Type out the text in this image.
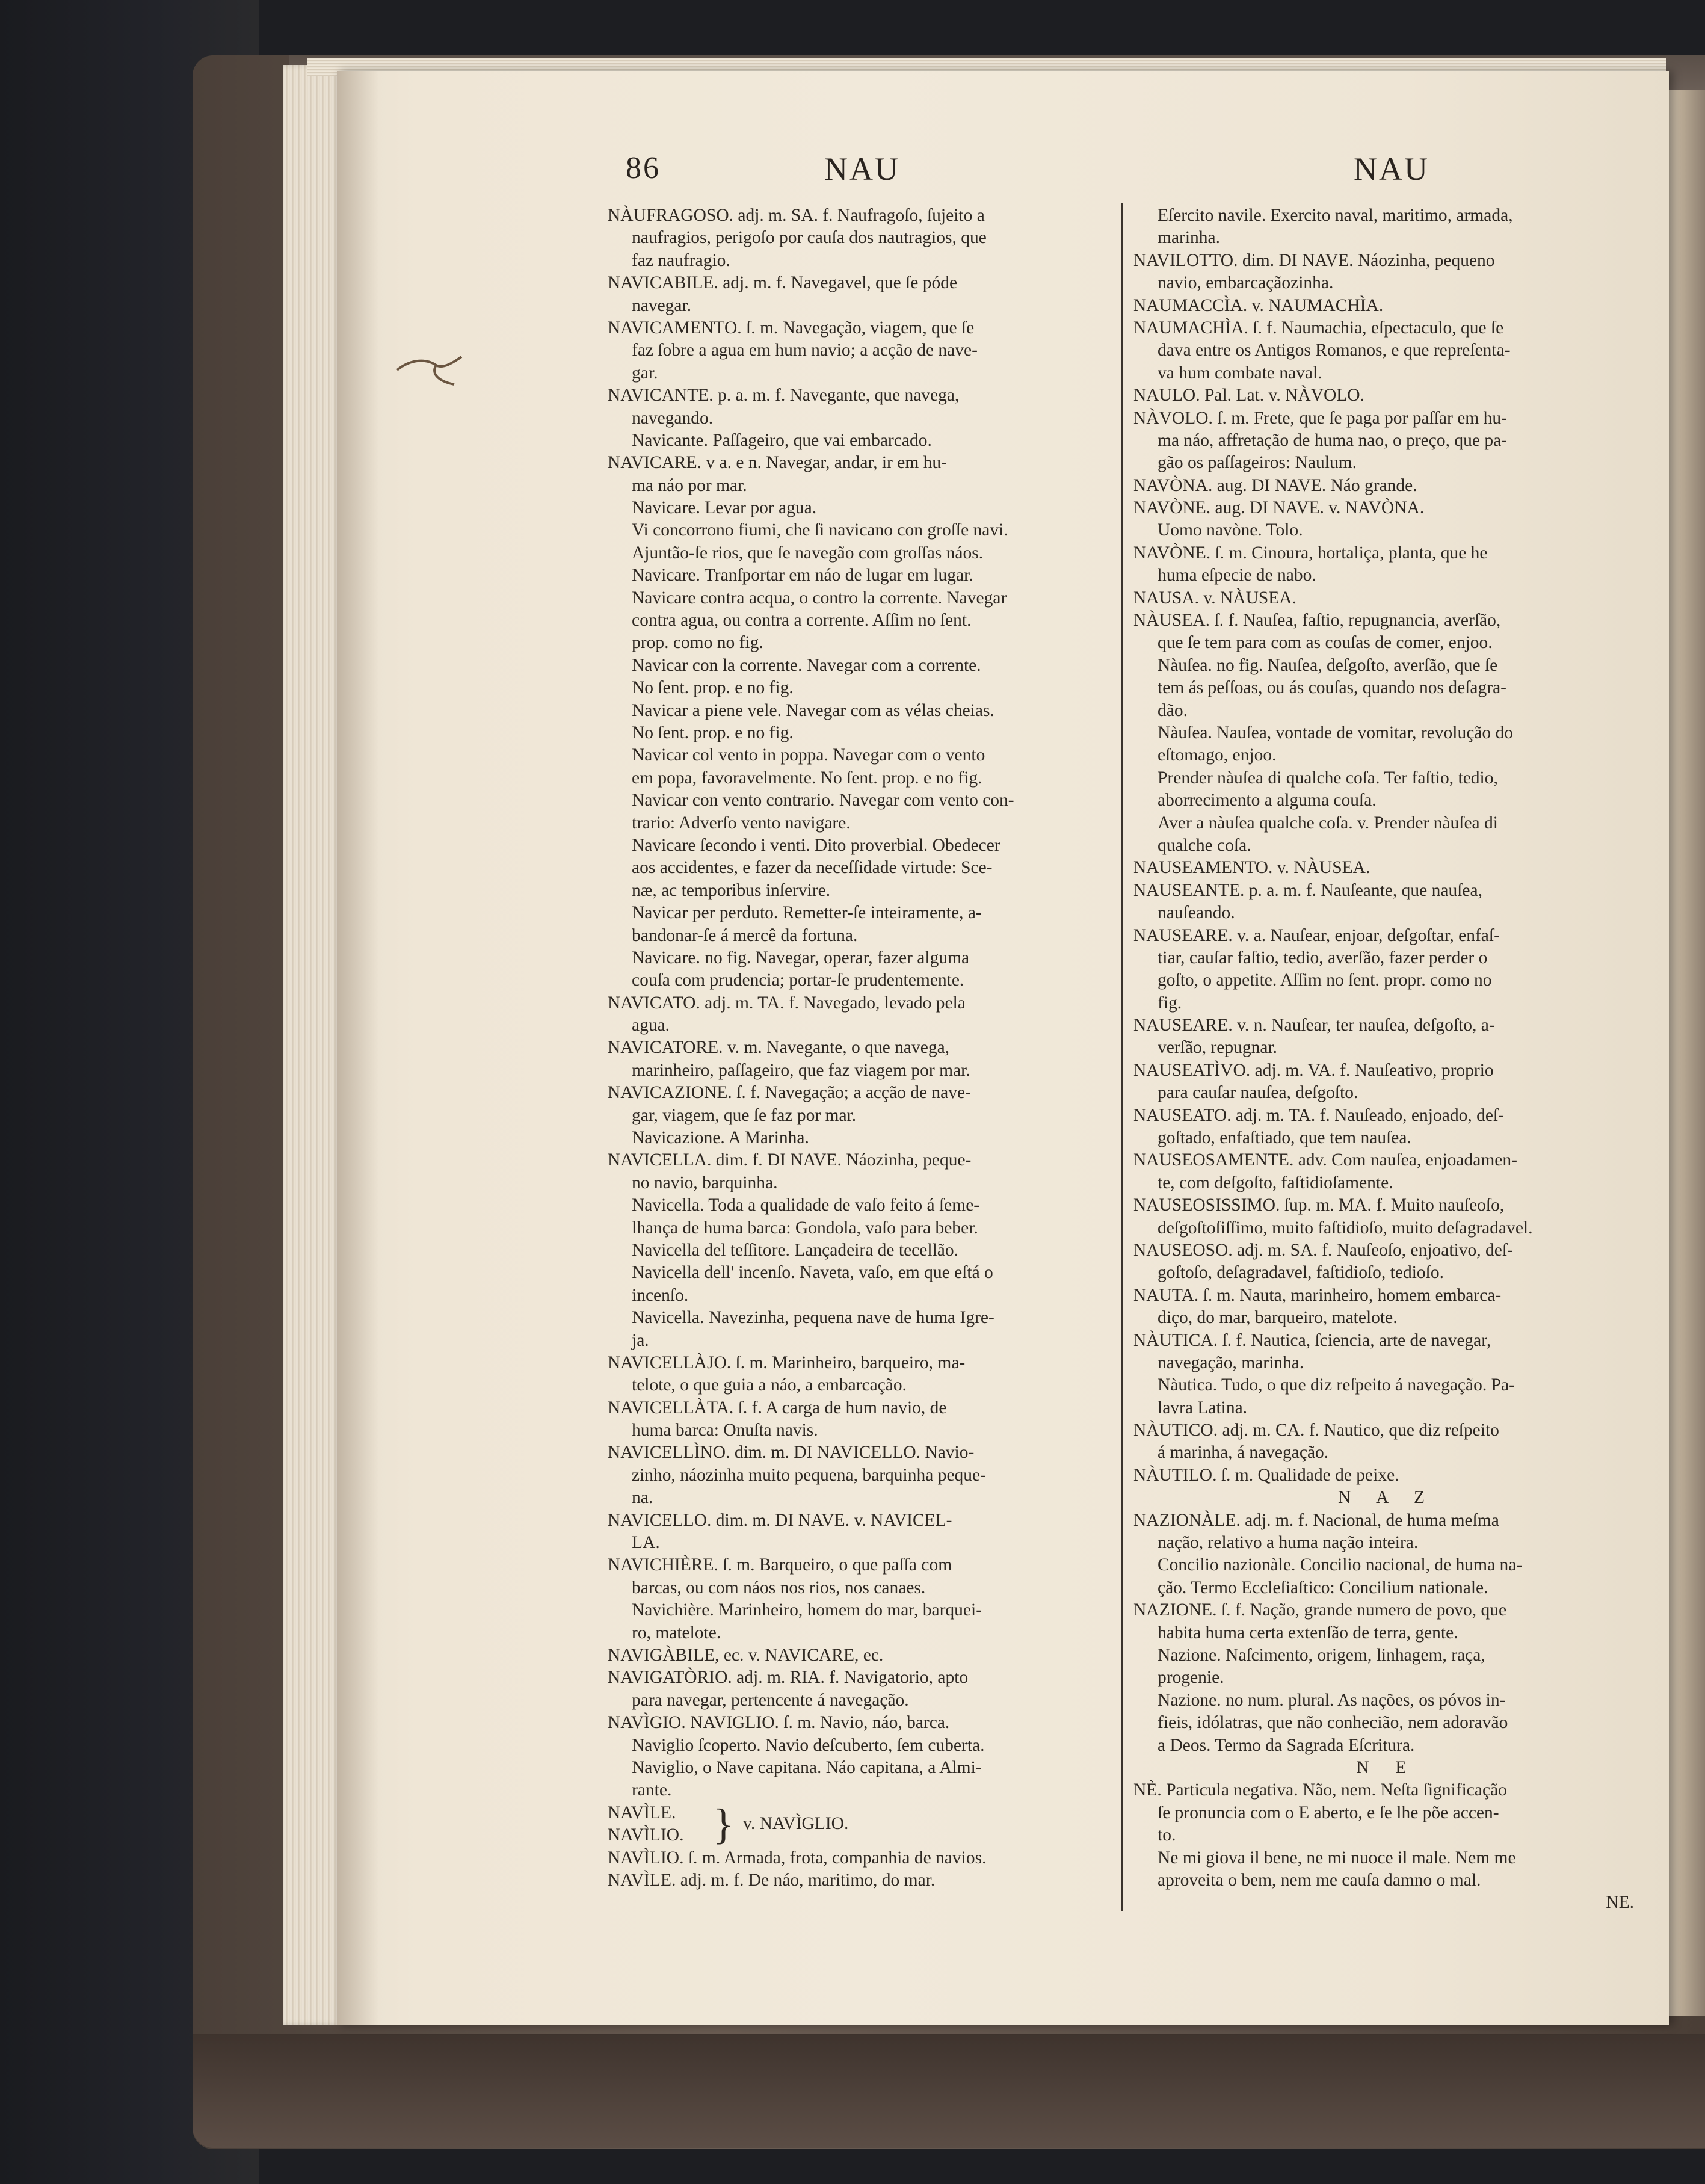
86	NAU	NAU
NÀUFRAGOSO. adj. m. SA. f. Naufragoſo, ſujeito a
naufragios, perigoſo por cauſa dos nautragios, que
faz naufragio.
NAVICABILE. adj. m. f. Navegavel, que ſe póde
navegar.
NAVICAMENTO. ſ. m. Navegação, viagem, que ſe
faz ſobre a agua em hum navio; a acção de nave-
gar.
NAVICANTE. p. a. m. f. Navegante, que navega,
navegando.
Navicante. Paſſageiro, que vai embarcado.
NAVICARE. v a. e n. Navegar, andar, ir em hu-
ma náo por mar.
Navicare. Levar por agua.
Vi concorrono fiumi, che ſi navicano con groſſe navi.
Ajuntão-ſe rios, que ſe navegão com groſſas náos.
Navicare. Tranſportar em náo de lugar em lugar.
Navicare contra acqua, o contro la corrente. Navegar
contra agua, ou contra a corrente. Aſſim no ſent.
prop. como no fig.
Navicar con la corrente. Navegar com a corrente.
No ſent. prop. e no fig.
Navicar a piene vele. Navegar com as vélas cheias.
No ſent. prop. e no fig.
Navicar col vento in poppa. Navegar com o vento
em popa, favoravelmente. No ſent. prop. e no fig.
Navicar con vento contrario. Navegar com vento con-
trario: Adverſo vento navigare.
Navicare ſecondo i venti. Dito proverbial. Obedecer
aos accidentes, e fazer da neceſſidade virtude: Sce-
næ, ac temporibus inſervire.
Navicar per perduto. Remetter-ſe inteiramente, a-
bandonar-ſe á mercê da fortuna.
Navicare. no fig. Navegar, operar, fazer alguma
couſa com prudencia; portar-ſe prudentemente.
NAVICATO. adj. m. TA. f. Navegado, levado pela
agua.
NAVICATORE. v. m. Navegante, o que navega,
marinheiro, paſſageiro, que faz viagem por mar.
NAVICAZIONE. ſ. f. Navegação; a acção de nave-
gar, viagem, que ſe faz por mar.
Navicazione. A Marinha.
NAVICELLA. dim. f. DI NAVE. Náozinha, peque-
no navio, barquinha.
Navicella. Toda a qualidade de vaſo feito á ſeme-
lhança de huma barca: Gondola, vaſo para beber.
Navicella del teſſitore. Lançadeira de tecellão.
Navicella dell' incenſo. Naveta, vaſo, em que eſtá o
incenſo.
Navicella. Navezinha, pequena nave de huma Igre-
ja.
NAVICELLÀJO. ſ. m. Marinheiro, barqueiro, ma-
telote, o que guia a náo, a embarcação.
NAVICELLÀTA. ſ. f. A carga de hum navio, de
huma barca: Onuſta navis.
NAVICELLÌNO. dim. m. DI NAVICELLO. Navio-
zinho, náozinha muito pequena, barquinha peque-
na.
NAVICELLO. dim. m. DI NAVE. v. NAVICEL-
LA.
NAVICHIÈRE. ſ. m. Barqueiro, o que paſſa com
barcas, ou com náos nos rios, nos canaes.
Navichière. Marinheiro, homem do mar, barquei-
ro, matelote.
NAVIGÀBILE, ec. v. NAVICARE, ec.
NAVIGATÒRIO. adj. m. RIA. f. Navigatorio, apto
para navegar, pertencente á navegação.
NAVÌGIO. NAVIGLIO. ſ. m. Navio, náo, barca.
Naviglio ſcoperto. Navio deſcuberto, ſem cuberta.
Naviglio, o Nave capitana. Náo capitana, a Almi-
rante.
NAVÌLE.
NAVÌLIO. } v. NAVÌGLIO.
NAVÌLIO. ſ. m. Armada, frota, companhia de navios.
NAVÌLE. adj. m. f. De náo, maritimo, do mar.
Eſercito navile. Exercito naval, maritimo, armada,
marinha.
NAVILOTTO. dim. DI NAVE. Náozinha, pequeno
navio, embarcaçãozinha.
NAUMACCÌA. v. NAUMACHÌA.
NAUMACHÌA. ſ. f. Naumachia, eſpectaculo, que ſe
dava entre os Antigos Romanos, e que repreſenta-
va hum combate naval.
NAULO. Pal. Lat. v. NÀVOLO.
NÀVOLO. ſ. m. Frete, que ſe paga por paſſar em hu-
ma náo, affretação de huma nao, o preço, que pa-
gão os paſſageiros: Naulum.
NAVÒNA. aug. DI NAVE. Náo grande.
NAVÒNE. aug. DI NAVE. v. NAVÒNA.
Uomo navòne. Tolo.
NAVÒNE. ſ. m. Cinoura, hortaliça, planta, que he
huma eſpecie de nabo.
NAUSA. v. NÀUSEA.
NÀUSEA. ſ. f. Nauſea, faſtio, repugnancia, averſão,
que ſe tem para com as couſas de comer, enjoo.
Nàuſea. no fig. Nauſea, deſgoſto, averſão, que ſe
tem ás peſſoas, ou ás couſas, quando nos deſagra-
dão.
Nàuſea. Nauſea, vontade de vomitar, revolução do
eſtomago, enjoo.
Prender nàuſea di qualche coſa. Ter faſtio, tedio,
aborrecimento a alguma couſa.
Aver a nàuſea qualche coſa. v. Prender nàuſea di
qualche coſa.
NAUSEAMENTO. v. NÀUSEA.
NAUSEANTE. p. a. m. f. Nauſeante, que nauſea,
nauſeando.
NAUSEARE. v. a. Nauſear, enjoar, deſgoſtar, enfaſ-
tiar, cauſar faſtio, tedio, averſão, fazer perder o
goſto, o appetite. Aſſim no ſent. propr. como no
fig.
NAUSEARE. v. n. Nauſear, ter nauſea, deſgoſto, a-
verſão, repugnar.
NAUSEATÌVO. adj. m. VA. f. Nauſeativo, proprio
para cauſar nauſea, deſgoſto.
NAUSEATO. adj. m. TA. f. Nauſeado, enjoado, deſ-
goſtado, enfaſtiado, que tem nauſea.
NAUSEOSAMENTE. adv. Com nauſea, enjoadamen-
te, com deſgoſto, faſtidioſamente.
NAUSEOSISSIMO. ſup. m. MA. f. Muito nauſeoſo,
deſgoſtoſiſſimo, muito faſtidioſo, muito deſagradavel.
NAUSEOSO. adj. m. SA. f. Nauſeoſo, enjoativo, deſ-
goſtoſo, deſagradavel, faſtidioſo, tedioſo.
NAUTA. ſ. m. Nauta, marinheiro, homem embarca-
diço, do mar, barqueiro, matelote.
NÀUTICA. ſ. f. Nautica, ſciencia, arte de navegar,
navegação, marinha.
Nàutica. Tudo, o que diz reſpeito á navegação. Pa-
lavra Latina.
NÀUTICO. adj. m. CA. f. Nautico, que diz reſpeito
á marinha, á navegação.
NÀUTILO. ſ. m. Qualidade de peixe.
N A Z
NAZIONÀLE. adj. m. f. Nacional, de huma meſma
nação, relativo a huma nação inteira.
Concilio nazionàle. Concilio nacional, de huma na-
ção. Termo Eccleſiaſtico: Concilium nationale.
NAZIONE. ſ. f. Nação, grande numero de povo, que
habita huma certa extenſão de terra, gente.
Nazione. Naſcimento, origem, linhagem, raça,
progenie.
Nazione. no num. plural. As nações, os póvos in-
fieis, idólatras, que não conhecião, nem adoravão
a Deos. Termo da Sagrada Eſcritura.
N E
NÈ. Particula negativa. Não, nem. Neſta ſignificação
ſe pronuncia com o E aberto, e ſe lhe põe accen-
to.
Ne mi giova il bene, ne mi nuoce il male. Nem me
aproveita o bem, nem me cauſa damno o mal.
NE.
